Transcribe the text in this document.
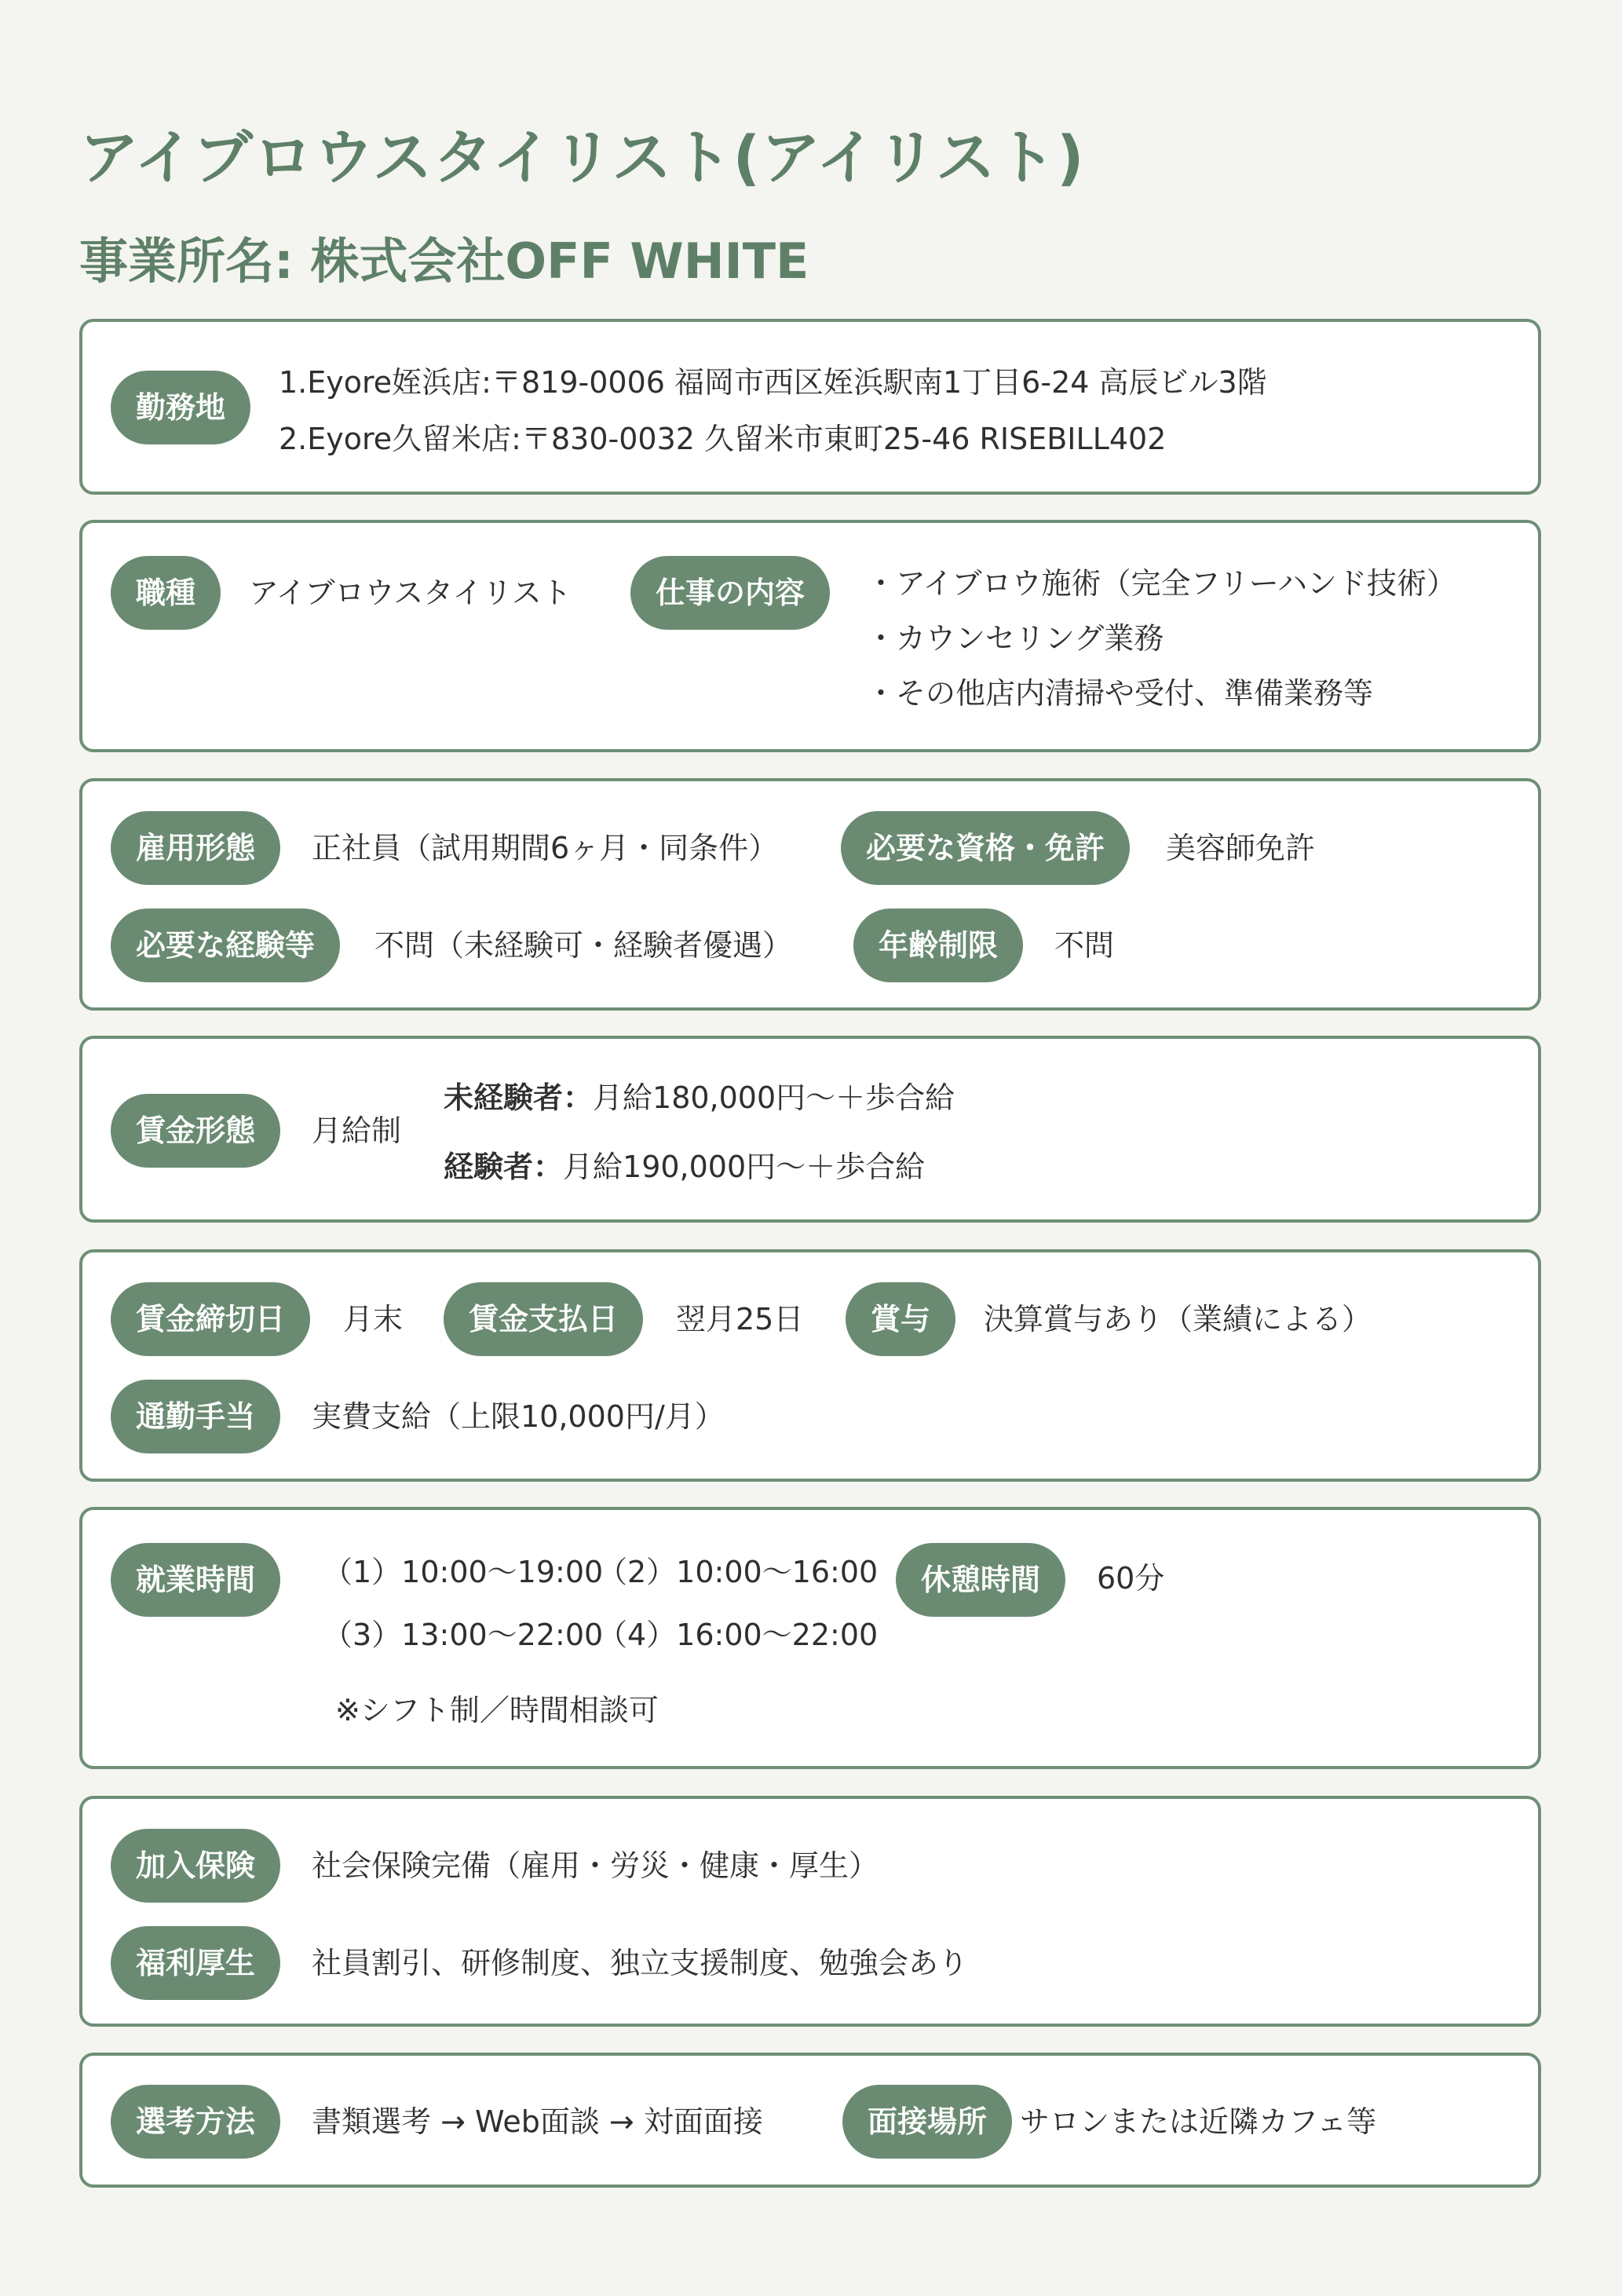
アイブロウスタイリスト(アイリスト)
事業所名: 株式会社OFF WHITE
勤務地
1.Eyore姪浜店:〒819-0006 福岡市西区姪浜駅南1丁目6-24 高辰ビル3階
2.Eyore久留米店:〒830-0032 久留米市東町25-46 RISEBILL402
職種	アイブロウスタイリスト	仕事の内容	・アイブロウ施術（完全フリーハンド技術）
・カウンセリング業務
・その他店内清掃や受付、準備業務等
雇用形態	正社員（試用期間6ヶ月・同条件）	必要な資格・免許	美容師免許
必要な経験等	不問（未経験可・経験者優遇）	年齢制限	不問
賃金形態	月給制
未経験者：月給180,000円〜＋歩合給
経験者：月給190,000円〜＋歩合給
賃金締切日	月末	賃金支払日	翌月25日	賞与	決算賞与あり（業績による）
通勤手当	実費支給（上限10,000円/月）
就業時間	（1）10:00〜19:00
（2）10:00〜16:00
（3）13:00〜22:00
（4）16:00〜22:00
※シフト制／時間相談可
休憩時間	60分
加入保険	社会保険完備（雇用・労災・健康・厚生）
福利厚生	社員割引、研修制度、独立支援制度、勉強会あり
選考方法	書類選考 → Web面談 → 対面面接	面接場所	サロンまたは近隣カフェ等
